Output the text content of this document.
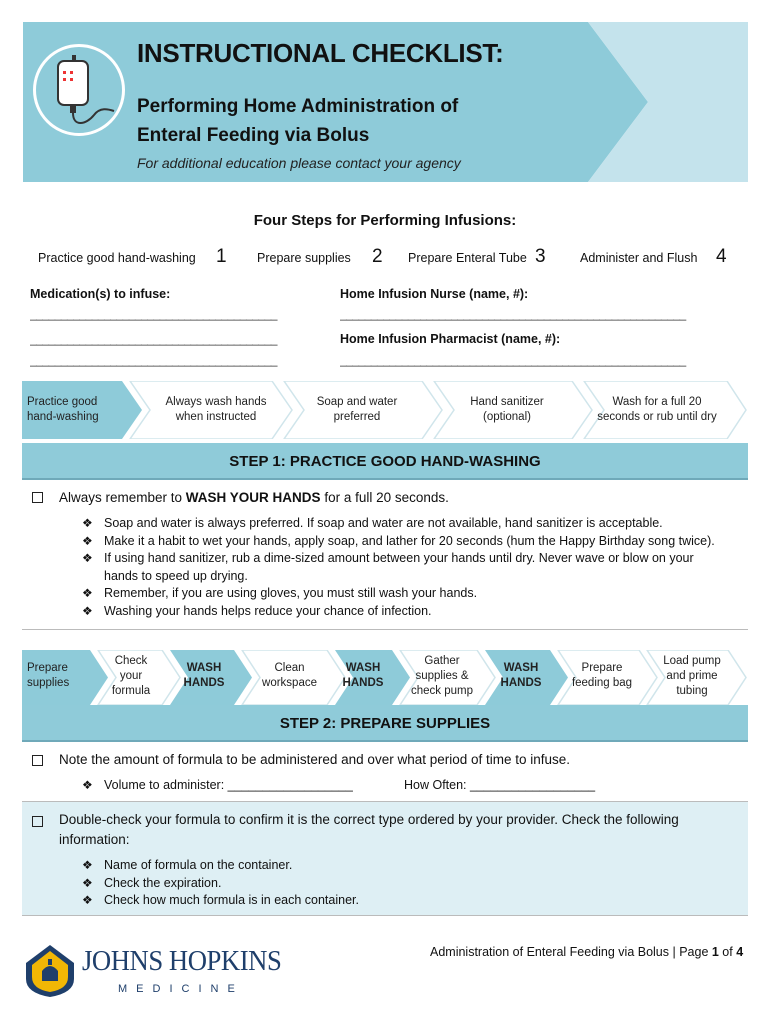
INSTRUCTIONAL CHECKLIST:
Performing Home Administration of
Enteral Feeding via Bolus
For additional education please contact your agency
Four Steps for Performing Infusions:
Practice good hand-washing 1 Prepare supplies 2 Prepare Enteral Tube 3	Administer and Flush 4
Medication(s) to infuse:	Home Infusion Nurse (name, #):
________________________________________	________________________________________________________
________________________________________	Home Infusion Pharmacist (name, #):
________________________________________	________________________________________________________
Practice good
hand-washing
Always wash hands
when instructed
Soap and water
preferred
Hand sanitizer
(optional)
Wash for a full 20
seconds or rub until dry
STEP 1: PRACTICE GOOD HAND-WASHING
Always remember to WASH YOUR HANDS for a full 20 seconds.
❖ Soap and water is always preferred. If soap and water are not available, hand sanitizer is acceptable.
❖ Make it a habit to wet your hands, apply soap, and lather for 20 seconds (hum the Happy Birthday song twice).
❖ If using hand sanitizer, rub a dime-sized amount between your hands until dry. Never wave or blow on your hands to speed up drying.
❖ Remember, if you are using gloves, you must still wash your hands.
❖ Washing your hands helps reduce your chance of infection.
Prepare
supplies
Check
your
formula
WASH
HANDS
Clean
workspace
WASH
HANDS
Gather
supplies &
check pump
WASH
HANDS
Prepare
feeding bag
Load pump
and prime
tubing
STEP 2: PREPARE SUPPLIES
Note the amount of formula to be administered and over what period of time to infuse.
❖ Volume to administer: __________________	How Often: __________________
Double-check your formula to confirm it is the correct type ordered by your provider. Check the following information:
❖ Name of formula on the container.
❖ Check the expiration.
❖ Check how much formula is in each container.
JOHNS HOPKINS
MEDICINE
Administration of Enteral Feeding via Bolus | Page 1 of 4
